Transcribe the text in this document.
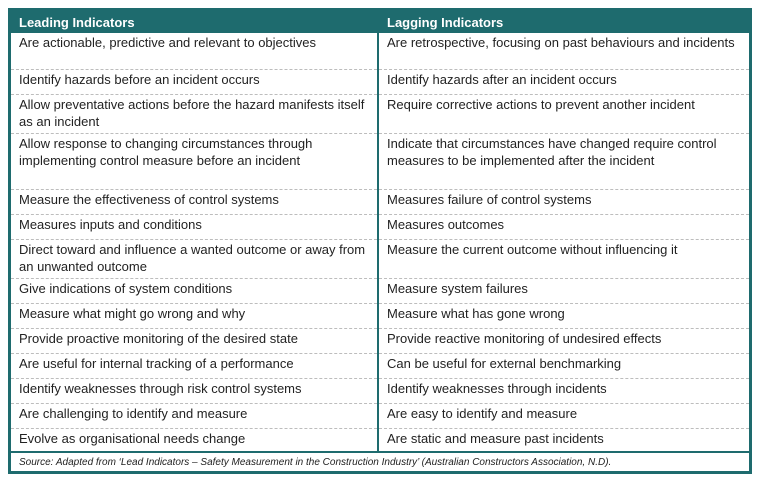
Leading Indicators	Lagging Indicators
Are actionable, predictive and relevant to objectives	Are retrospective, focusing on past behaviours and incidents
Identify hazards before an incident occurs	Identify hazards after an incident occurs
Allow preventative actions before the hazard manifests itself as an incident	Require corrective actions to prevent another incident
Allow response to changing circumstances through implementing control measure before an incident	Indicate that circumstances have changed require control measures to be implemented after the incident
Measure the effectiveness of control systems	Measures failure of control systems
Measures inputs and conditions	Measures outcomes
Direct toward and influence a wanted outcome or away from an unwanted outcome	Measure the current outcome without influencing it
Give indications of system conditions	Measure system failures
Measure what might go wrong and why	Measure what has gone wrong
Provide proactive monitoring of the desired state	Provide reactive monitoring of undesired effects
Are useful for internal tracking of a performance	Can be useful for external benchmarking
Identify weaknesses through risk control systems	Identify weaknesses through incidents
Are challenging to identify and measure	Are easy to identify and measure
Evolve as organisational needs change	Are static and measure past incidents
Source: Adapted from ‘Lead Indicators – Safety Measurement in the Construction Industry’ (Australian Constructors Association, N.D).
